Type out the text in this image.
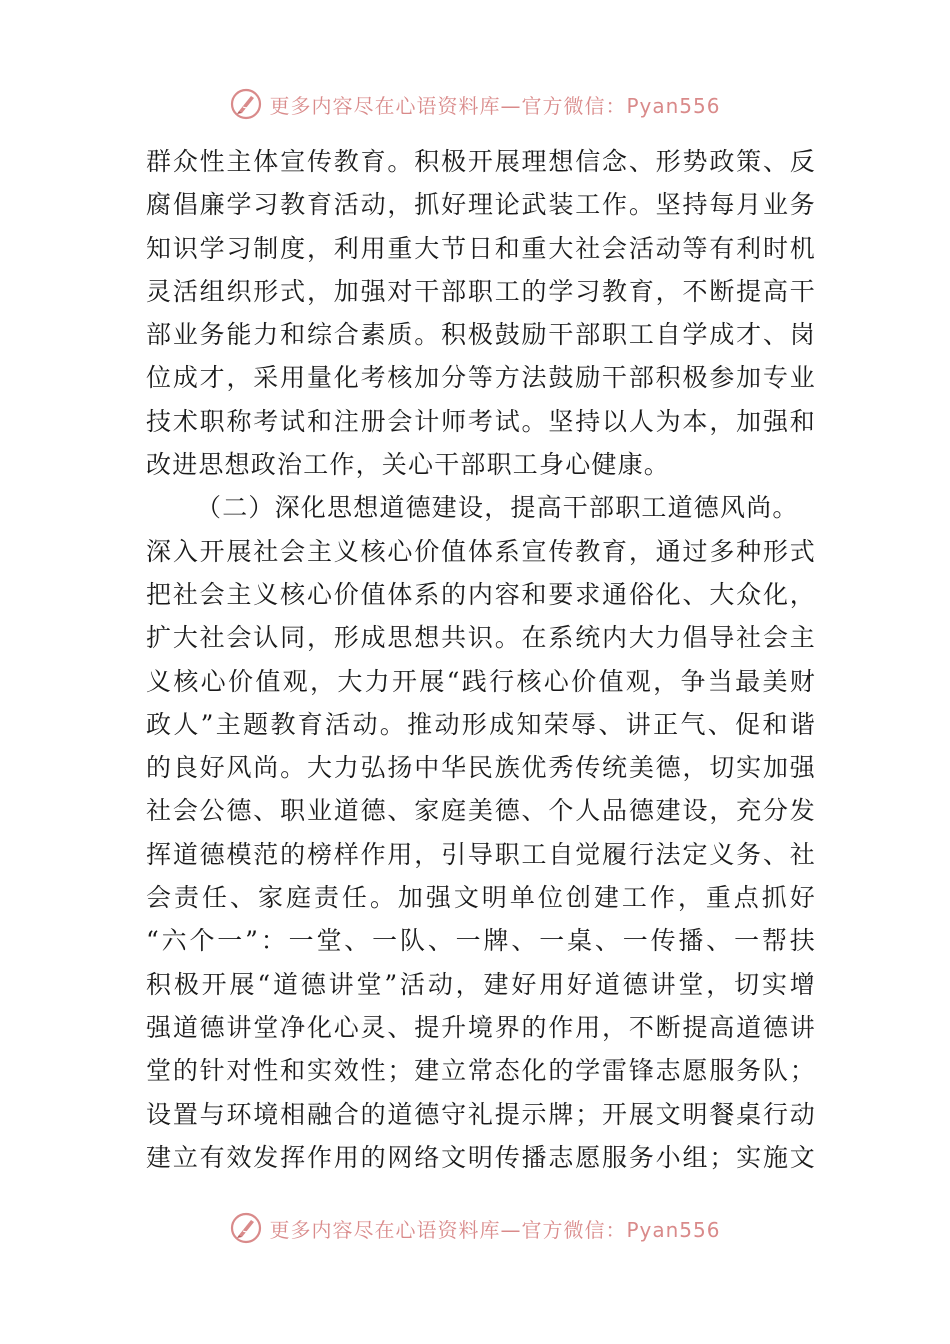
更多内容尽在心语资料库—官方微信：Pyan556
群众性主体宣传教育。积极开展理想信念、形势政策、反
腐倡廉学习教育活动，抓好理论武装工作。坚持每月业务
知识学习制度，利用重大节日和重大社会活动等有利时机
灵活组织形式，加强对干部职工的学习教育，不断提高干
部业务能力和综合素质。积极鼓励干部职工自学成才、岗
位成才，采用量化考核加分等方法鼓励干部积极参加专业
技术职称考试和注册会计师考试。坚持以人为本，加强和
改进思想政治工作，关心干部职工身心健康。
（二）深化思想道德建设，提高干部职工道德风尚。
深入开展社会主义核心价值体系宣传教育，通过多种形式
把社会主义核心价值体系的内容和要求通俗化、大众化，
扩大社会认同，形成思想共识。在系统内大力倡导社会主
义核心价值观，大力开展“践行核心价值观，争当最美财
政人”主题教育活动。推动形成知荣辱、讲正气、促和谐
的良好风尚。大力弘扬中华民族优秀传统美德，切实加强
社会公德、职业道德、家庭美德、个人品德建设，充分发
挥道德模范的榜样作用，引导职工自觉履行法定义务、社
会责任、家庭责任。加强文明单位创建工作，重点抓好
“六个一”：一堂、一队、一牌、一桌、一传播、一帮扶
积极开展“道德讲堂”活动，建好用好道德讲堂，切实增
强道德讲堂净化心灵、提升境界的作用，不断提高道德讲
堂的针对性和实效性；建立常态化的学雷锋志愿服务队；
设置与环境相融合的道德守礼提示牌；开展文明餐桌行动
建立有效发挥作用的网络文明传播志愿服务小组；实施文
更多内容尽在心语资料库—官方微信：Pyan556
